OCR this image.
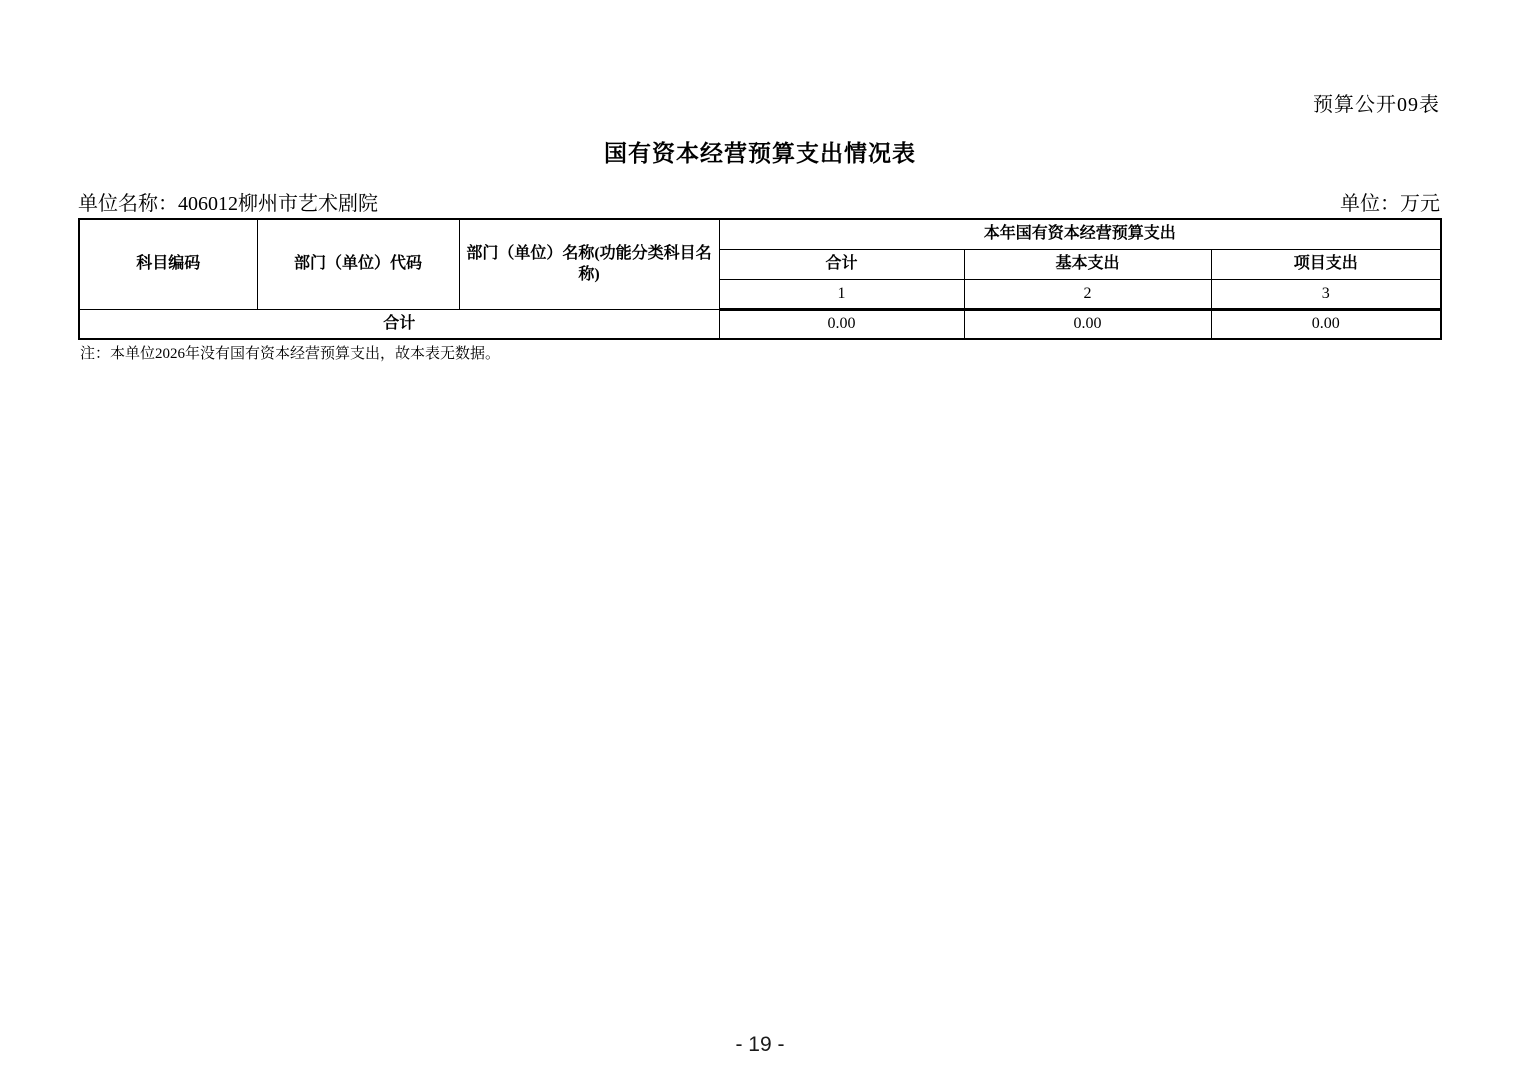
预算公开09表
国有资本经营预算支出情况表
单位名称：406012柳州市艺术剧院	单位：万元
科目编码	部门（单位）代码	部门（单位）名称(功能分类科目名称)	本年国有资本经营预算支出		
			合计	基本支出	项目支出
			1	2	3
合计			0.00	0.00	0.00
注：本单位2026年没有国有资本经营预算支出，故本表无数据。
- 19 -
